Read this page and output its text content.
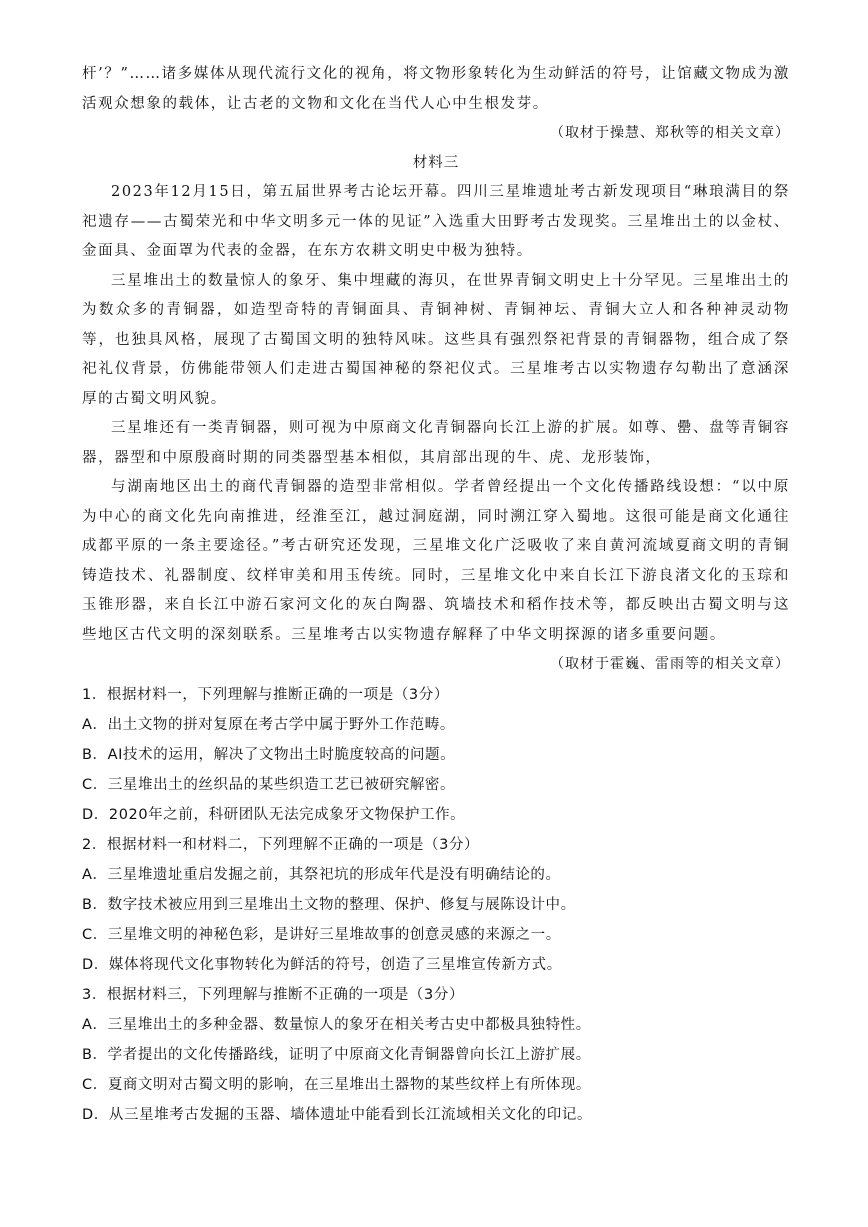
杆’？”……诸多媒体从现代流行文化的视角，将文物形象转化为生动鲜活的符号，让馆藏文物成为激活观众想象的载体，让古老的文物和文化在当代人心中生根发芽。

（取材于操慧、郑秋等的相关文章）

材料三

2023年12月15日，第五届世界考古论坛开幕。四川三星堆遗址考古新发现项目“琳琅满目的祭祀遗存——古蜀荣光和中华文明多元一体的见证”入选重大田野考古发现奖。三星堆出土的以金杖、金面具、金面罩为代表的金器，在东方农耕文明史中极为独特。

三星堆出土的数量惊人的象牙、集中埋藏的海贝，在世界青铜文明史上十分罕见。三星堆出土的为数众多的青铜器，如造型奇特的青铜面具、青铜神树、青铜神坛、青铜大立人和各种神灵动物等，也独具风格，展现了古蜀国文明的独特风味。这些具有强烈祭祀背景的青铜器物，组合成了祭祀礼仪背景，仿佛能带领人们走进古蜀国神秘的祭祀仪式。三星堆考古以实物遗存勾勒出了意涵深厚的古蜀文明风貌。

三星堆还有一类青铜器，则可视为中原商文化青铜器向长江上游的扩展。如尊、罍、盘等青铜容器，器型和中原殷商时期的同类器型基本相似，其肩部出现的牛、虎、龙形装饰，

与湖南地区出土的商代青铜器的造型非常相似。学者曾经提出一个文化传播路线设想：“以中原为中心的商文化先向南推进，经淮至江，越过洞庭湖，同时溯江穿入蜀地。这很可能是商文化通往成都平原的一条主要途径。”考古研究还发现，三星堆文化广泛吸收了来自黄河流域夏商文明的青铜铸造技术、礼器制度、纹样审美和用玉传统。同时，三星堆文化中来自长江下游良渚文化的玉琮和玉锥形器，来自长江中游石家河文化的灰白陶器、筑墙技术和稻作技术等，都反映出古蜀文明与这些地区古代文明的深刻联系。三星堆考古以实物遗存解释了中华文明探源的诸多重要问题。

（取材于霍巍、雷雨等的相关文章）

1．根据材料一，下列理解与推断正确的一项是（3分）

A．出土文物的拼对复原在考古学中属于野外工作范畴。

B．AI技术的运用，解决了文物出土时脆度较高的问题。

C．三星堆出土的丝织品的某些织造工艺已被研究解密。

D．2020年之前，科研团队无法完成象牙文物保护工作。

2．根据材料一和材料二，下列理解不正确的一项是（3分）

A．三星堆遗址重启发掘之前，其祭祀坑的形成年代是没有明确结论的。

B．数字技术被应用到三星堆出土文物的整理、保护、修复与展陈设计中。

C．三星堆文明的神秘色彩，是讲好三星堆故事的创意灵感的来源之一。

D．媒体将现代文化事物转化为鲜活的符号，创造了三星堆宣传新方式。

3．根据材料三，下列理解与推断不正确的一项是（3分）

A．三星堆出土的多种金器、数量惊人的象牙在相关考古史中都极具独特性。

B．学者提出的文化传播路线，证明了中原商文化青铜器曾向长江上游扩展。

C．夏商文明对古蜀文明的影响，在三星堆出土器物的某些纹样上有所体现。

D．从三星堆考古发掘的玉器、墙体遗址中能看到长江流域相关文化的印记。
